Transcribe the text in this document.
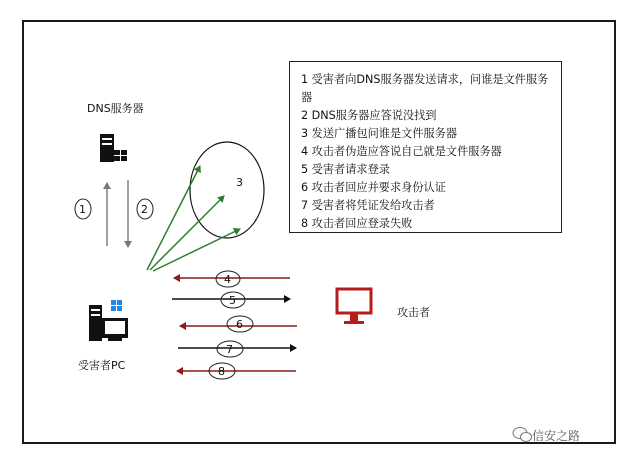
DNS服务器
1	2
3
受害者PC
攻击者
4
5
6
7
8

1 受害者向DNS服务器发送请求，问谁是文件服务器

2 DNS服务器应答说没找到

3 发送广播包问谁是文件服务器

4 攻击者伪造应答说自己就是文件服务器

5 受害者请求登录

6 攻击者回应并要求身份认证

7 受害者将凭证发给攻击者

8 攻击者回应登录失败

信安之路
